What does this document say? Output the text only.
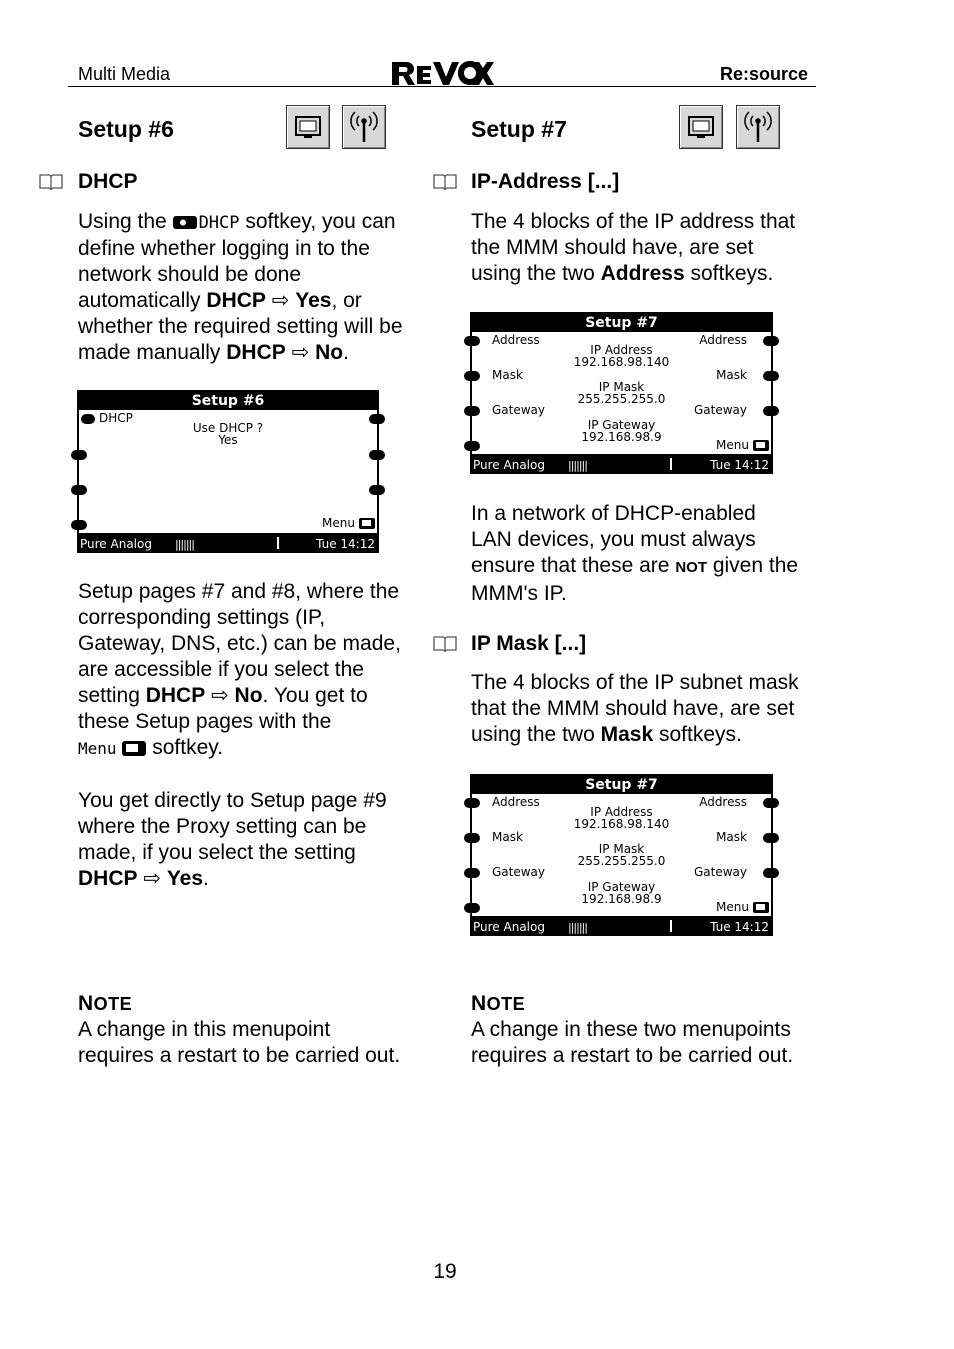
Multi Media	Re:source
Setup #6
DHCP
Using the DHCP softkey, you can
define whether logging in to the
network should be done
automatically DHCP ⇨ Yes, or
whether the required setting will be
made manually DHCP ⇨ No.
Setup #6
DHCP
Use DHCP ?
Yes
Menu
Pure Analog |||||||	Tue 14:12
Setup pages #7 and #8, where the
corresponding settings (IP,
Gateway, DNS, etc.) can be made,
are accessible if you select the
setting DHCP ⇨ No. You get to
these Setup pages with the
Menu softkey.
You get directly to Setup page #9
where the Proxy setting can be
made, if you select the setting
DHCP ⇨ Yes.
NOTE
A change in this menupoint
requires a restart to be carried out.
Setup #7
IP-Address [...]
The 4 blocks of the IP address that
the MMM should have, are set
using the two Address softkeys.
Setup #7
Address	Address
IP Address
192.168.98.140
Mask	Mask
IP Mask
255.255.255.0
Gateway	Gateway
IP Gateway
192.168.98.9
Menu
Pure Analog |||||||	Tue 14:12
In a network of DHCP-enabled
LAN devices, you must always
ensure that these are NOT given the
MMM's IP.
IP Mask [...]
The 4 blocks of the IP subnet mask
that the MMM should have, are set
using the two Mask softkeys.
Setup #7
Address	Address
IP Address
192.168.98.140
Mask	Mask
IP Mask
255.255.255.0
Gateway	Gateway
IP Gateway
192.168.98.9
Menu
Pure Analog |||||||	Tue 14:12
NOTE
A change in these two menupoints
requires a restart to be carried out.
19
